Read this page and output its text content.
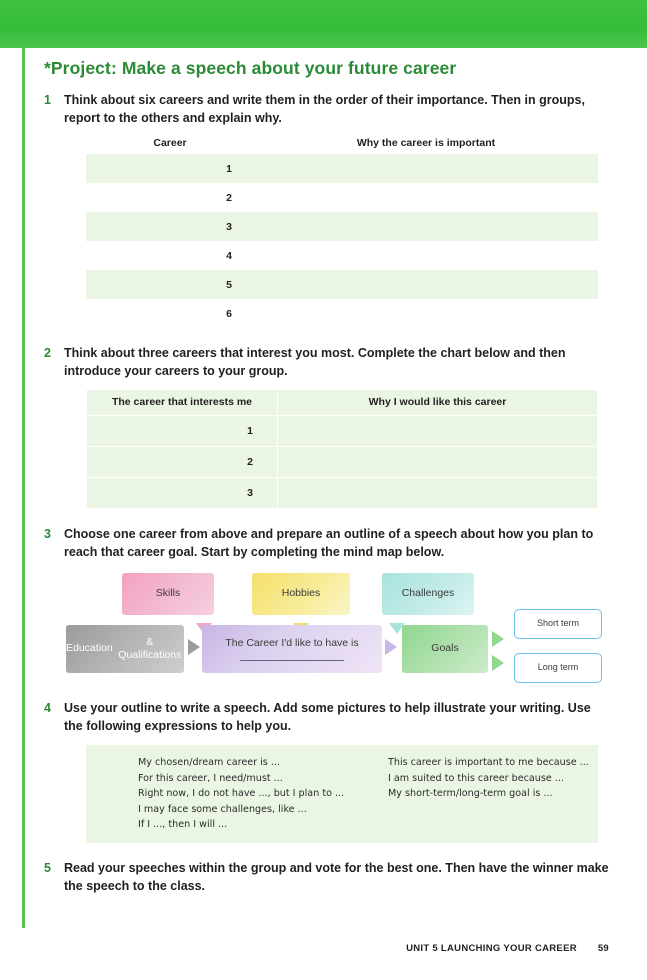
*Project: Make a speech about your future career
1	Think about six careers and write them in the order of their importance. Then in groups, report to the others and explain why.
Career	Why the career is important
1	
2	
3	
4	
5	
6	
2	Think about three careers that interest you most. Complete the chart below and then introduce your careers to your group.
The career that interests me	Why I would like this career
1	
2	
3	
3	Choose one career from above and prepare an outline of a speech about how you plan to reach that career goal. Start by completing the mind map below.
Skills	Hobbies	Challenges
Education

& Qualifications
The Career I'd like to have is	Goals
Short term
Long term
4	Use your outline to write a speech. Add some pictures to help illustrate your writing. Use the following expressions to help you.

My chosen/dream career is ...

For this career, I need/must ...

Right now, I do not have ..., but I plan to ...

I may face some challenges, like ...

If I ..., then I will ...

This career is important to me because ...

I am suited to this career because ...

My short-term/long-term goal is ...

5	Read your speeches within the group and vote for the best one. Then have the winner make the speech to the class.
UNIT 5 LAUNCHING YOUR CAREER 59
